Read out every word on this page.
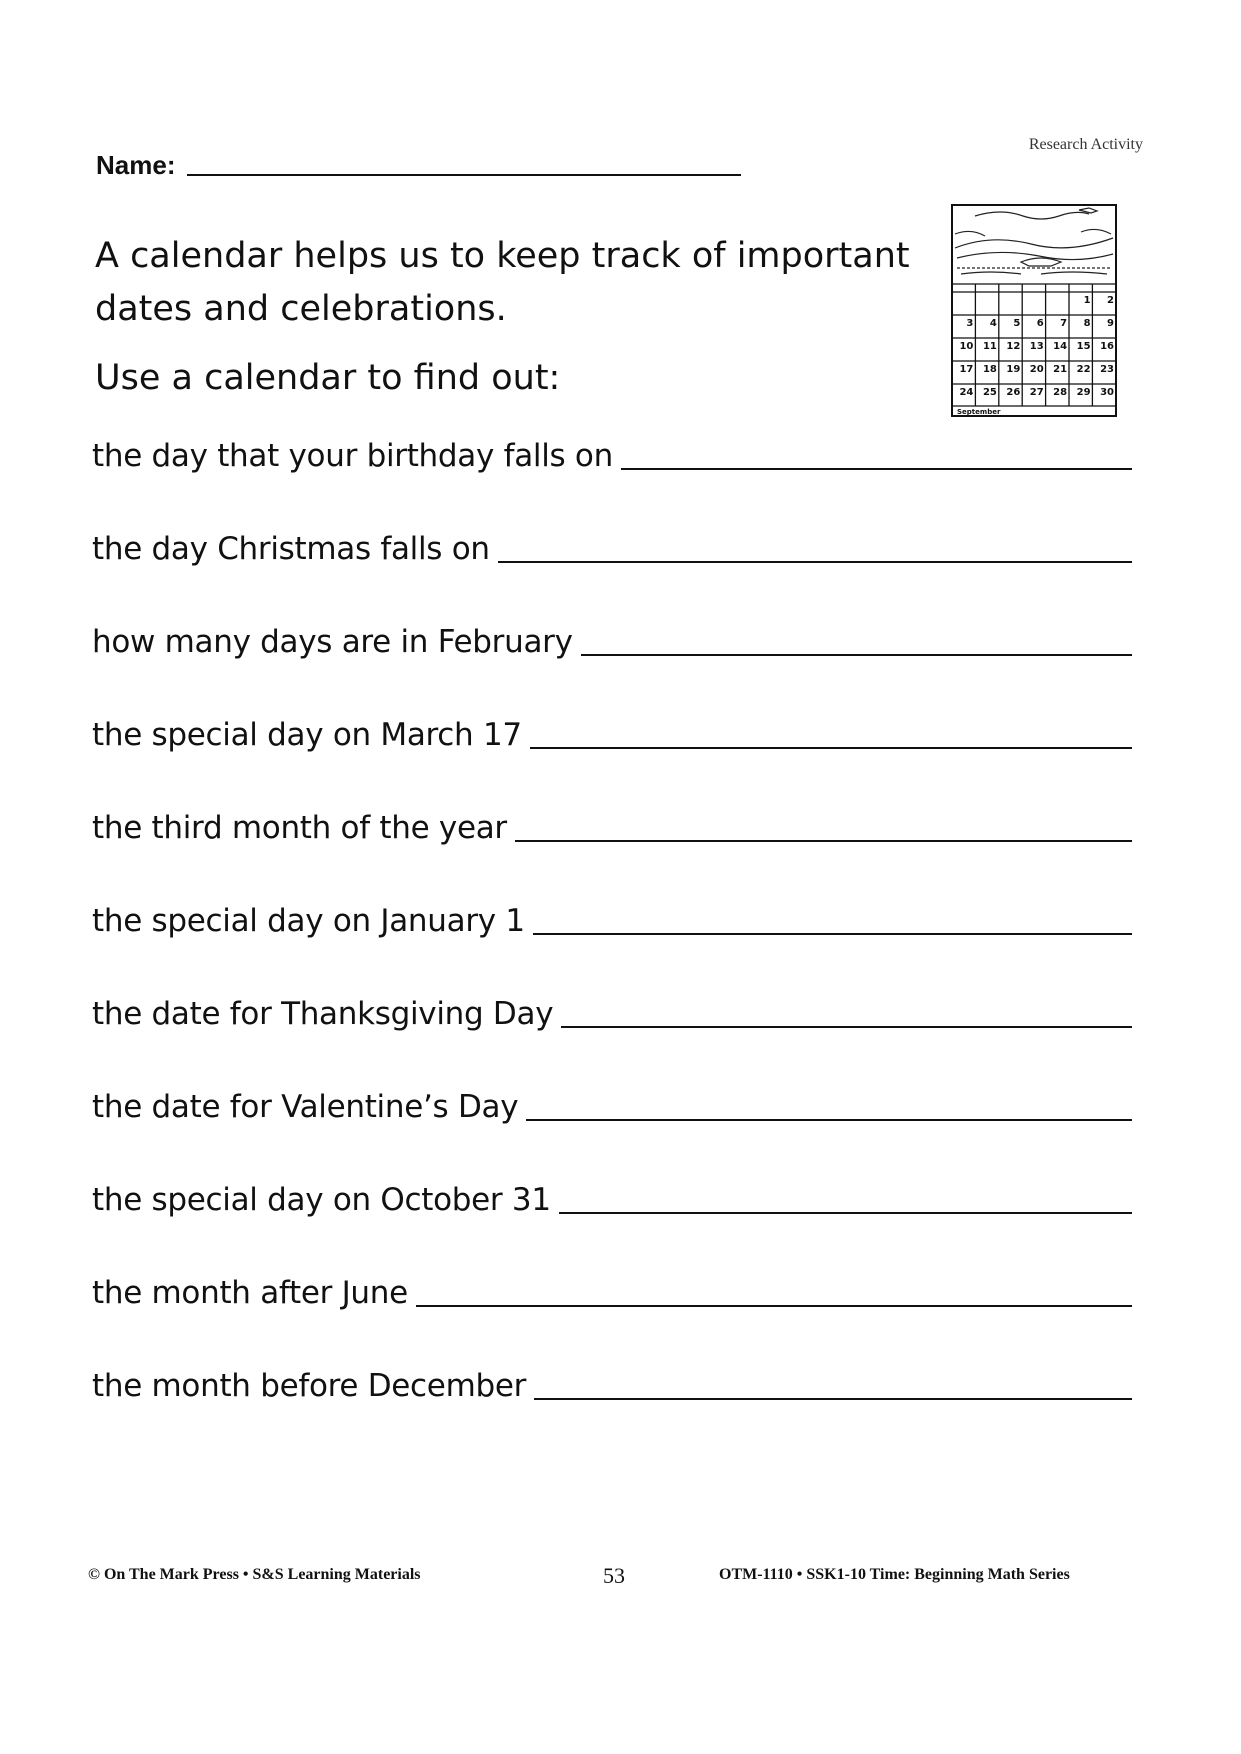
Research Activity
Name:

A calendar helps us to keep track of important

dates and celebrations.

Use a calendar to find out:
1 2
3 4 5 6 7 8 9
10 11 12 13 14 15 16
17 18 19 20 21 22 23
24 25 26 27 28 29 30
September
the day that your birthday falls on
the day Christmas falls on
how many days are in February
the special day on March 17
the third month of the year
the special day on January 1
the date for Thanksgiving Day
the date for Valentine’s Day
the special day on October 31
the month after June
the month before December
© On The Mark Press • S&S Learning Materials	53	OTM-1110 • SSK1-10 Time: Beginning Math Series
